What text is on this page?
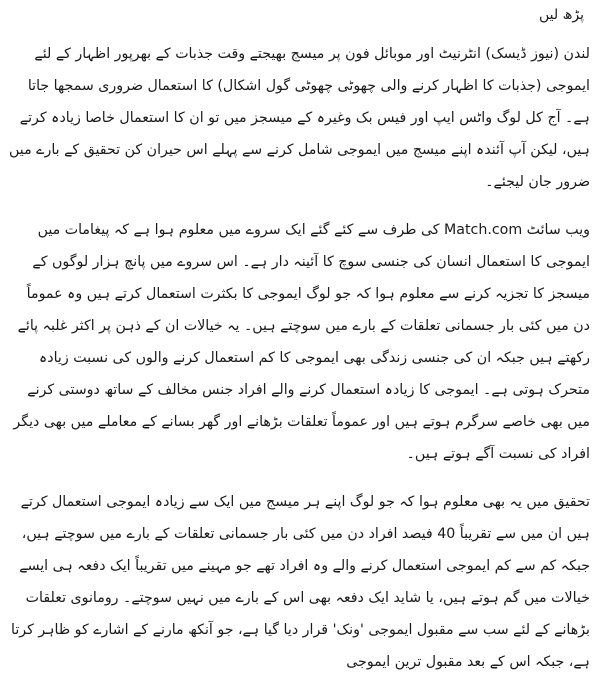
پڑھ لیں

لندن (نیوز ڈیسک) انٹرنیٹ اور موبائل فون پر میسج بھیجتے وقت جذبات کے بھرپور اظہار کے لئے ایموجی (جذبات کا اظہار کرنے والی چھوٹی چھوٹی گول اشکال) کا استعمال ضروری سمجھا جاتا ہے۔ آج کل لوگ واٹس ایپ اور فیس بک وغیرہ کے میسجز میں تو ان کا استعمال خاصا زیادہ کرتے ہیں، لیکن آپ آئندہ اپنے میسج میں ایموجی شامل کرنے سے پہلے اس حیران کن تحقیق کے بارے میں ضرور جان لیجئے۔

ویب سائٹ Match.com کی طرف سے کئے گئے ایک سروے میں معلوم ہوا ہے کہ پیغامات میں ایموجی کا استعمال انسان کی جنسی سوچ کا آئینہ دار ہے۔ اس سروے میں پانچ ہزار لوگوں کے میسجز کا تجزیہ کرنے سے معلوم ہوا کہ جو لوگ ایموجی کا بکثرت استعمال کرتے ہیں وہ عموماً دن میں کئی بار جسمانی تعلقات کے بارے میں سوچتے ہیں۔ یہ خیالات ان کے ذہن پر اکثر غلبہ پائے رکھتے ہیں جبکہ ان کی جنسی زندگی بھی ایموجی کا کم استعمال کرنے والوں کی نسبت زیادہ متحرک ہوتی ہے۔ ایموجی کا زیادہ استعمال کرنے والے افراد جنس مخالف کے ساتھ دوستی کرنے میں بھی خاصے سرگرم ہوتے ہیں اور عموماً تعلقات بڑھانے اور گھر بسانے کے معاملے میں بھی دیگر افراد کی نسبت آگے ہوتے ہیں۔

تحقیق میں یہ بھی معلوم ہوا کہ جو لوگ اپنے ہر میسج میں ایک سے زیادہ ایموجی استعمال کرتے ہیں ان میں سے تقریباً 40 فیصد افراد دن میں کئی بار جسمانی تعلقات کے بارے میں سوچتے ہیں، جبکہ کم سے کم ایموجی استعمال کرنے والے وہ افراد تھے جو مہینے میں تقریباً ایک دفعہ ہی ایسے خیالات میں گم ہوتے ہیں، یا شاید ایک دفعہ بھی اس کے بارے میں نہیں سوچتے۔ رومانوی تعلقات بڑھانے کے لئے سب سے مقبول ایموجی 'ونک' قرار دیا گیا ہے، جو آنکھ مارنے کے اشارے کو ظاہر کرتا ہے، جبکہ اس کے بعد مقبول ترین ایموجی
